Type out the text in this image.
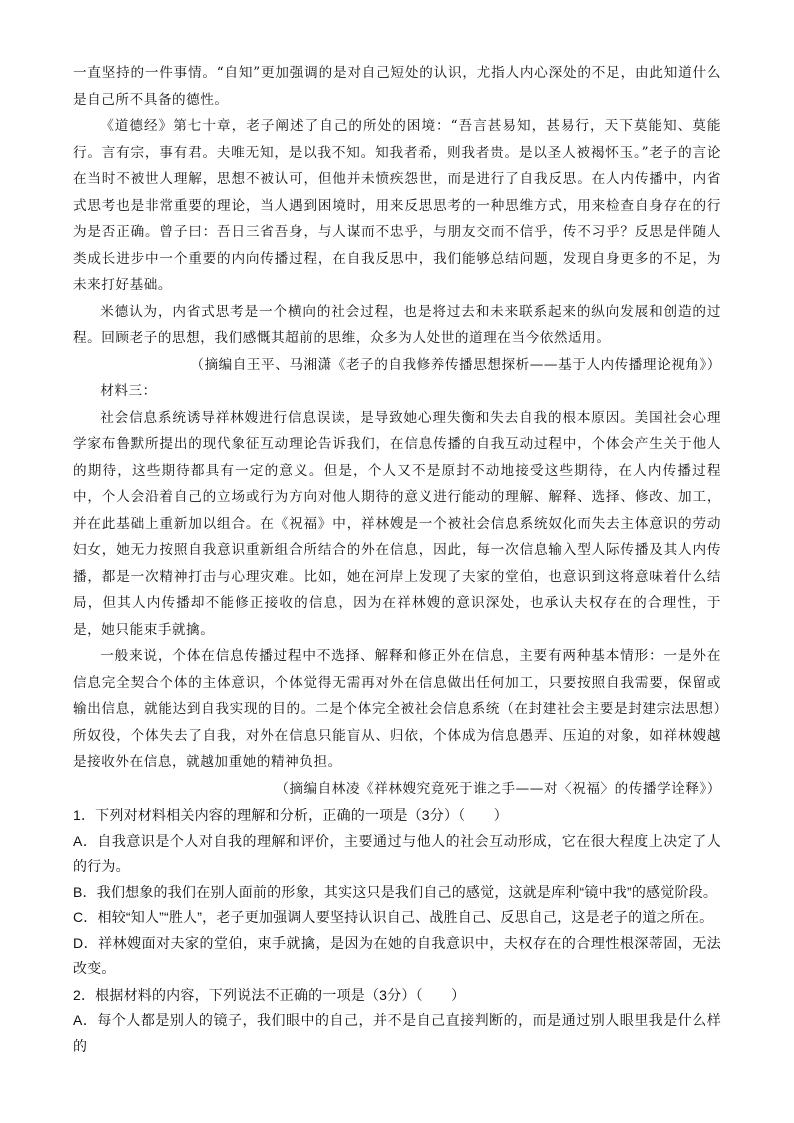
一直坚持的一件事情。“自知”更加强调的是对自己短处的认识，尤指人内心深处的不足，由此知道什么是自己所不具备的德性。

《道德经》第七十章，老子阐述了自己的所处的困境：“吾言甚易知，甚易行，天下莫能知、莫能行。言有宗，事有君。夫唯无知，是以我不知。知我者希，则我者贵。是以圣人被褐怀玉。”老子的言论在当时不被世人理解，思想不被认可，但他并未愤疾怨世，而是进行了自我反思。在人内传播中，内省式思考也是非常重要的理论，当人遇到困境时，用来反思思考的一种思维方式，用来检查自身存在的行为是否正确。曾子曰：吾日三省吾身，与人谋而不忠乎，与朋友交而不信乎，传不习乎？反思是伴随人类成长进步中一个重要的内向传播过程，在自我反思中，我们能够总结问题，发现自身更多的不足，为未来打好基础。

米德认为，内省式思考是一个横向的社会过程，也是将过去和未来联系起来的纵向发展和创造的过程。回顾老子的思想，我们感慨其超前的思维，众多为人处世的道理在当今依然适用。

（摘编自王平、马湘潇《老子的自我修养传播思想探析——基于人内传播理论视角》）

材料三：

社会信息系统诱导祥林嫂进行信息误读，是导致她心理失衡和失去自我的根本原因。美国社会心理学家布鲁默所提出的现代象征互动理论告诉我们，在信息传播的自我互动过程中，个体会产生关于他人的期待，这些期待都具有一定的意义。但是，个人又不是原封不动地接受这些期待，在人内传播过程中，个人会沿着自己的立场或行为方向对他人期待的意义进行能动的理解、解释、选择、修改、加工，并在此基础上重新加以组合。在《祝福》中，祥林嫂是一个被社会信息系统奴化而失去主体意识的劳动妇女，她无力按照自我意识重新组合所结合的外在信息，因此，每一次信息输入型人际传播及其人内传播，都是一次精神打击与心理灾难。比如，她在河岸上发现了夫家的堂伯，也意识到这将意味着什么结局，但其人内传播却不能修正接收的信息，因为在祥林嫂的意识深处，也承认夫权存在的合理性，于是，她只能束手就擒。

一般来说，个体在信息传播过程中不选择、解释和修正外在信息，主要有两种基本情形：一是外在信息完全契合个体的主体意识，个体觉得无需再对外在信息做出任何加工，只要按照自我需要，保留或输出信息，就能达到自我实现的目的。二是个体完全被社会信息系统（在封建社会主要是封建宗法思想）所奴役，个体失去了自我，对外在信息只能盲从、归依，个体成为信息愚弄、压迫的对象，如祥林嫂越是接收外在信息，就越加重她的精神负担。

（摘编自林凌《祥林嫂究竟死于谁之手——对〈祝福〉的传播学诠释》）

1．下列对材料相关内容的理解和分析，正确的一项是（3分）（　　）

A．自我意识是个人对自我的理解和评价，主要通过与他人的社会互动形成，它在很大程度上决定了人的行为。

B．我们想象的我们在别人面前的形象，其实这只是我们自己的感觉，这就是库利“镜中我”的感觉阶段。

C．相较“知人”“胜人”，老子更加强调人要坚持认识自己、战胜自己、反思自己，这是老子的道之所在。

D．祥林嫂面对夫家的堂伯，束手就擒，是因为在她的自我意识中，夫权存在的合理性根深蒂固，无法改变。

2．根据材料的内容，下列说法不正确的一项是（3分）（　　）

A．每个人都是别人的镜子，我们眼中的自己，并不是自己直接判断的，而是通过别人眼里我是什么样的
